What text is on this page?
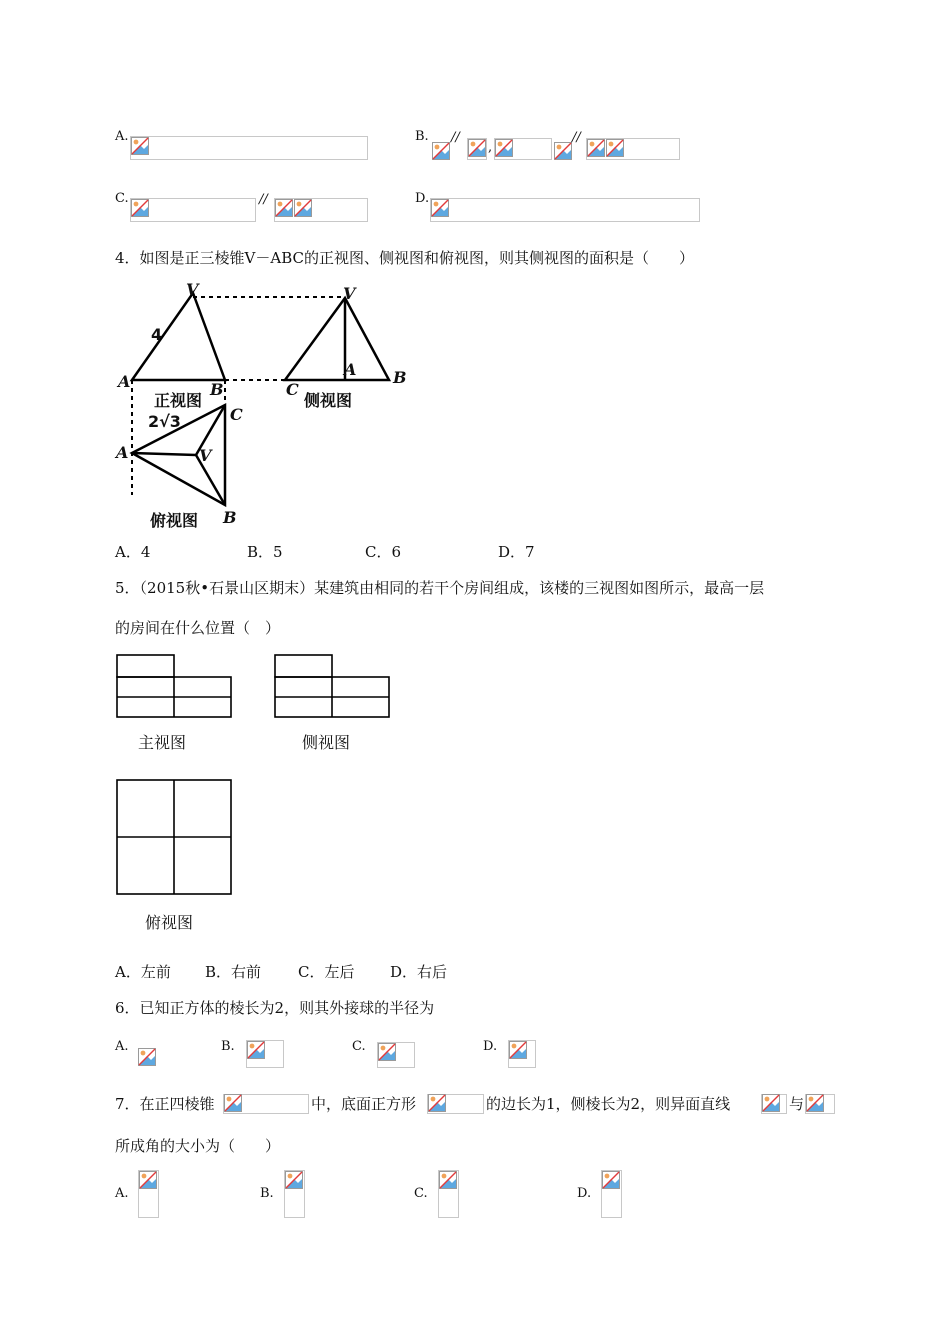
A.	B. //
,
//
C.	//	D.
4．如图是正三棱锥V－ABC的正视图、侧视图和俯视图，则其侧视图的面积是（　　）
V
4
A	B
正视图
2√3
V
A
C
B
侧视图
C
A	V
B
俯视图
A．4	B．5	C．6	D．7
5．（2015秋•石景山区期末）某建筑由相同的若干个房间组成，该楼的三视图如图所示，最高一层
的房间在什么位置（　）
主视图	侧视图
俯视图
A．左前 B．右前 C．左后 D．右后
6．已知正方体的棱长为2，则其外接球的半径为
A.	B.	C.	D.
7．在正四棱锥	中，底面正方形	的边长为1，侧棱长为2，则异面直线	与
所成角的大小为（　　）
A.	B.	C.	D.
